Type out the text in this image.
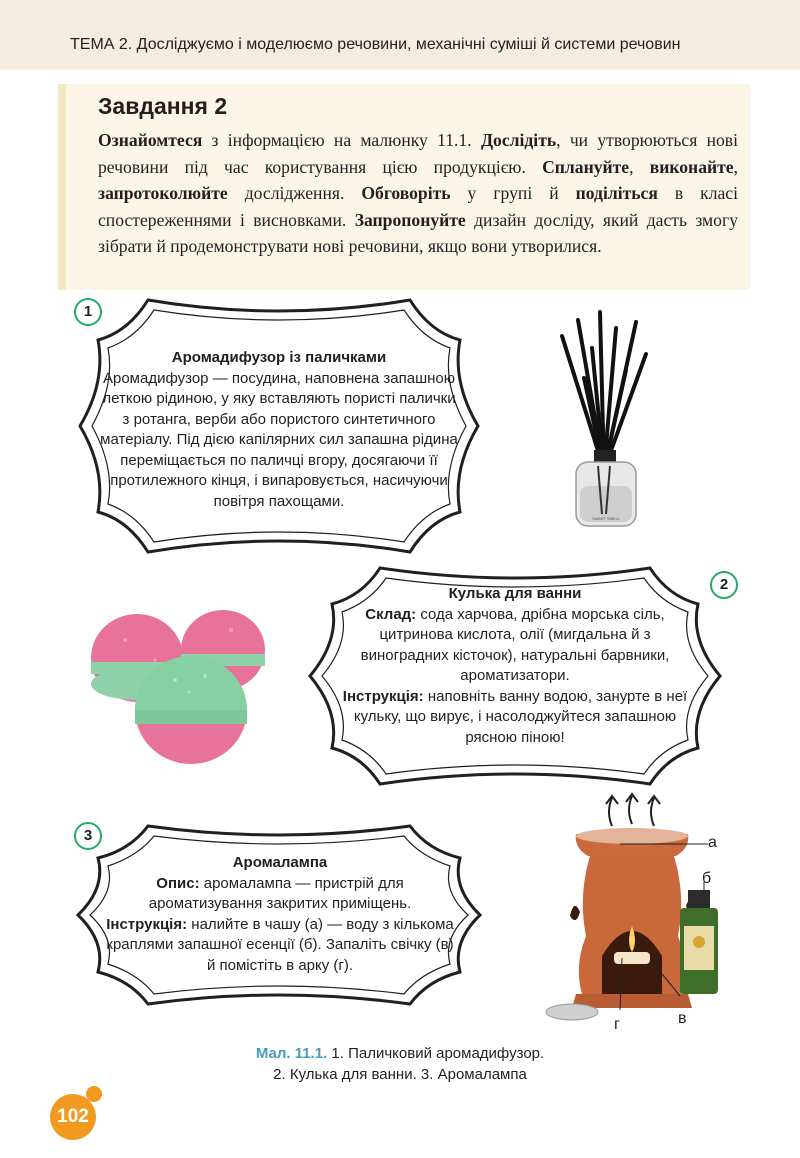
ТЕМА 2. Досліджуємо і моделюємо речовини, механічні суміші й системи речовин
Завдання 2
Ознайомтеся з інформацією на малюнку 11.1. Дослідіть, чи утворюються нові речовини під час користування цією продукцією. Сплануйте, виконайте, запротоколюйте дослідження. Обговоріть у групі й поділіться в класі спостереженнями і висновками. Запропонуйте дизайн досліду, який дасть змогу зібрати й продемонструвати нові речовини, якщо вони утворилися.
1
Аромадифузор із паличками
Аромадифузор — посудина, наповнена запашною леткою рідиною, у яку вставляють пористі палички з ротанга, верби або пористого синтетичного матеріалу. Під дією капілярних сил запашна рідина переміщається по паличці вгору, досягаючи її протилежного кінця, і випаровується, насичуючи повітря пахощами.
SMART SMELL
2
Кулька для ванни
Склад: сода харчова, дрібна морська сіль, цитринова кислота, олії (мигдальна й з виноградних кісточок), натуральні барвники, ароматизатори.
Інструкція: наповніть ванну водою, занурте в неї кульку, що вирує, і насолоджуйтеся запашною рясною піною!
3
Аромалампа
Опис: аромалампа — пристрій для ароматизування закритих приміщень.
Інструкція: налийте в чашу (а) — воду з кількома краплями запашної есенції (б). Запаліть свічку (в) й помістіть в арку (г).
а
б
в
г
Мал. 11.1. 1. Паличковий аромадифузор.
2. Кулька для ванни. 3. Аромалампа
102
